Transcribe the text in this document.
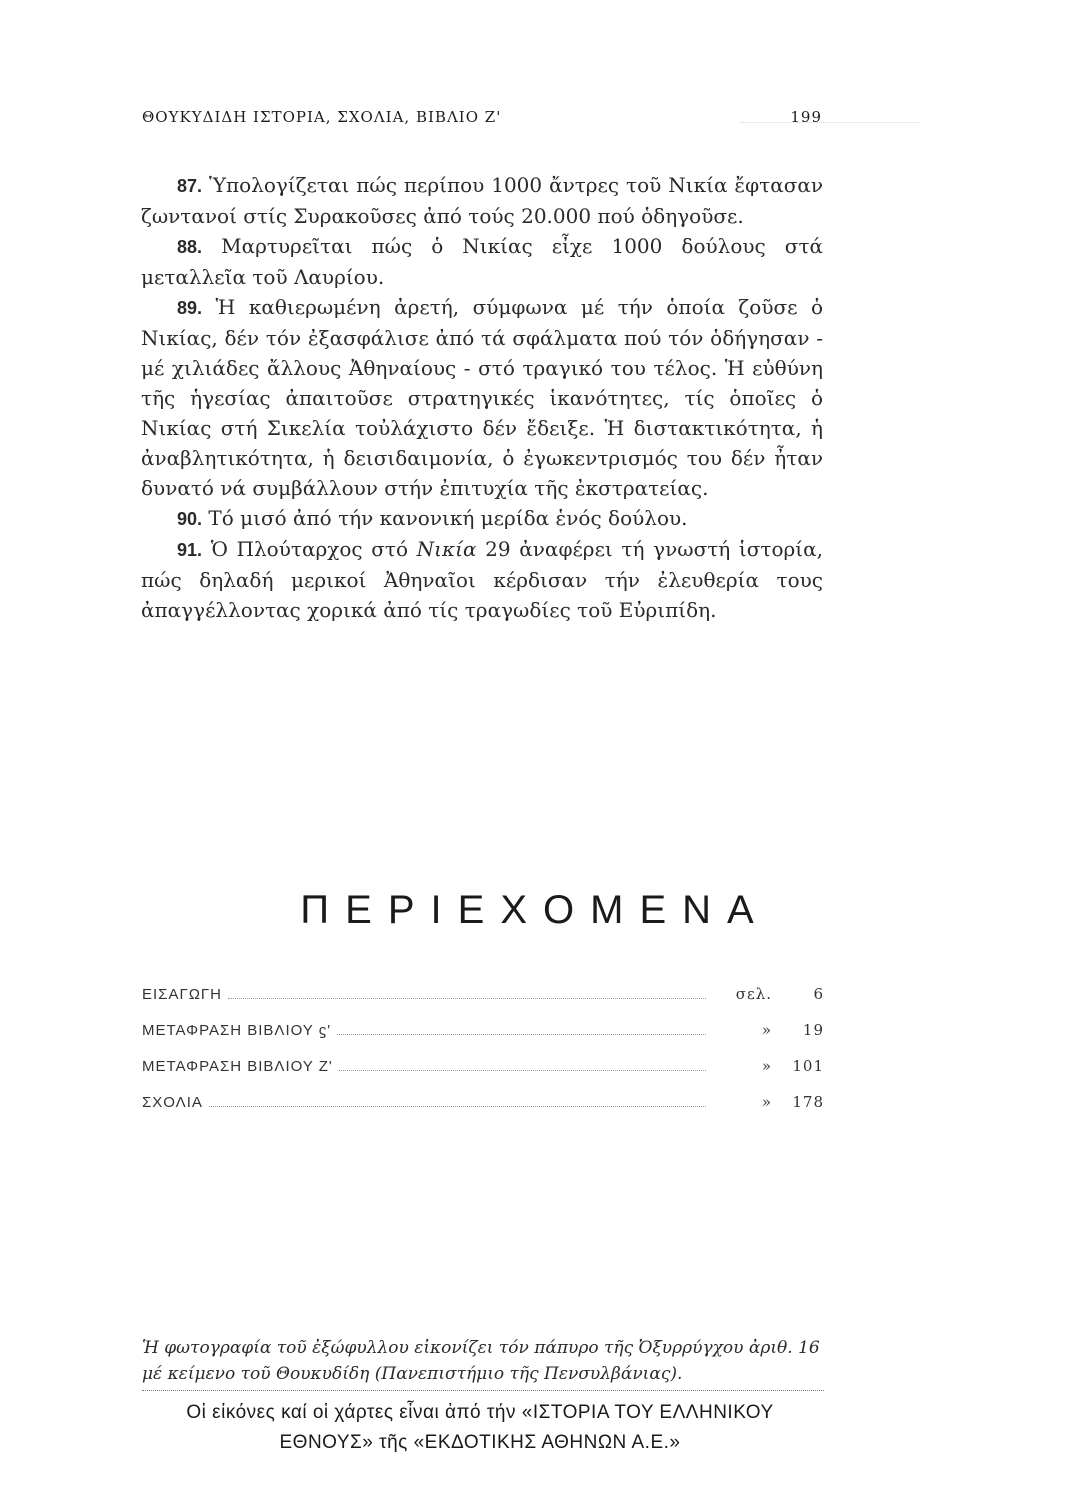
ΘΟΥΚΥΔΙΔΗ ΙΣΤΟΡΙΑ, ΣΧΟΛΙΑ, ΒΙΒΛΙΟ Ζ'	199

87. Ὑπολογίζεται πώς περίπου 1000 ἄντρες τοῦ Νικία ἔφτασαν ζωντανοί στίς Συρακοῦσες ἀπό τούς 20.000 πού ὁδηγοῦσε.

88. Μαρτυρεῖται πώς ὁ Νικίας εἶχε 1000 δούλους στά μεταλλεῖα τοῦ Λαυρίου.

89. Ἡ καθιερωμένη ἀρετή, σύμφωνα μέ τήν ὁποία ζοῦσε ὁ Νικίας, δέν τόν ἐξασφάλισε ἀπό τά σφάλματα πού τόν ὁδήγησαν - μέ χιλιάδες ἄλλους Ἀθηναίους - στό τραγικό του τέλος. Ἡ εὐθύνη τῆς ἡγεσίας ἀπαιτοῦσε στρατηγικές ἱκανότητες, τίς ὁποῖες ὁ Νικίας στή Σικελία τοὐλάχιστο δέν ἔδειξε. Ἡ διστακτικότητα, ἡ ἀναβλητικότητα, ἡ δεισιδαιμονία, ὁ ἐγωκεντρισμός του δέν ἦταν δυνατό νά συμβάλλουν στήν ἐπιτυχία τῆς ἐκστρατείας.

90. Τό μισό ἀπό τήν κανονική μερίδα ἑνός δούλου.

91. Ὁ Πλούταρχος στό Νικία 29 ἀναφέρει τή γνωστή ἱστορία, πώς δηλαδή μερικοί Ἀθηναῖοι κέρδισαν τήν ἐλευθερία τους ἀπαγγέλλοντας χορικά ἀπό τίς τραγωδίες τοῦ Εὐριπίδη.

ΠΕΡΙΕΧΟΜΕΝΑ
ΕΙΣΑΓΩΓΗ	σελ.	6
ΜΕΤΑΦΡΑΣΗ ΒΙΒΛΙΟΥ ϛ'	»	19
ΜΕΤΑΦΡΑΣΗ ΒΙΒΛΙΟΥ Ζ'	»	101
ΣΧΟΛΙΑ	»	178
Ἡ φωτογραφία τοῦ ἐξώφυλλου εἰκονίζει τόν πάπυρο τῆς Ὀξυρρύγχου ἀριθ. 16 μέ κείμενο τοῦ Θουκυδίδη (Πανεπιστήμιο τῆς Πενσυλβάνιας).
Οἱ εἰκόνες καί οἱ χάρτες εἶναι ἀπό τήν «ΙΣΤΟΡΙΑ ΤΟΥ ΕΛΛΗΝΙΚΟΥ
ΕΘΝΟΥΣ» τῆς «ΕΚΔΟΤΙΚΗΣ ΑΘΗΝΩΝ Α.Ε.»
